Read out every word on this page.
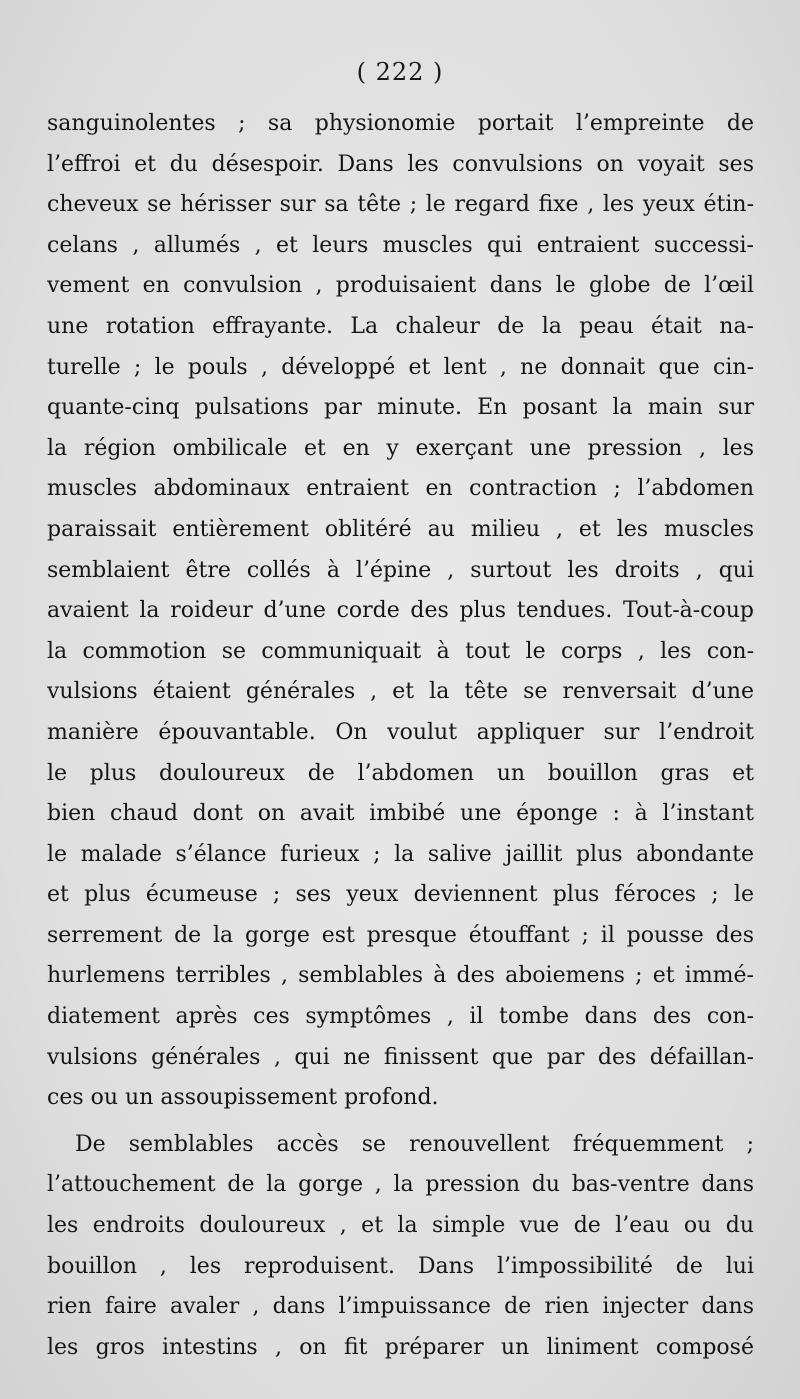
( 222 )
sanguinolentes ; sa physionomie portait l’empreinte de
l’effroi et du désespoir. Dans les convulsions on voyait ses
cheveux se hérisser sur sa tête ; le regard fixe , les yeux étin-
celans , allumés , et leurs muscles qui entraient successi-
vement en convulsion , produisaient dans le globe de l’œil
une rotation effrayante. La chaleur de la peau était na-
turelle ; le pouls , développé et lent , ne donnait que cin-
quante-cinq pulsations par minute. En posant la main sur
la région ombilicale et en y exerçant une pression , les
muscles abdominaux entraient en contraction ; l’abdomen
paraissait entièrement oblitéré au milieu , et les muscles
semblaient être collés à l’épine , surtout les droits , qui
avaient la roideur d’une corde des plus tendues. Tout-à-coup
la commotion se communiquait à tout le corps , les con-
vulsions étaient générales , et la tête se renversait d’une
manière épouvantable. On voulut appliquer sur l’endroit
le plus douloureux de l’abdomen un bouillon gras et
bien chaud dont on avait imbibé une éponge : à l’instant
le malade s’élance furieux ; la salive jaillit plus abondante
et plus écumeuse ; ses yeux deviennent plus féroces ; le
serrement de la gorge est presque étouffant ; il pousse des
hurlemens terribles , semblables à des aboiemens ; et immé-
diatement après ces symptômes , il tombe dans des con-
vulsions générales , qui ne finissent que par des défaillan-
ces ou un assoupissement profond.
De semblables accès se renouvellent fréquemment ;
l’attouchement de la gorge , la pression du bas-ventre dans
les endroits douloureux , et la simple vue de l’eau ou du
bouillon , les reproduisent. Dans l’impossibilité de lui
rien faire avaler , dans l’impuissance de rien injecter dans
les gros intestins , on fit préparer un liniment composé
